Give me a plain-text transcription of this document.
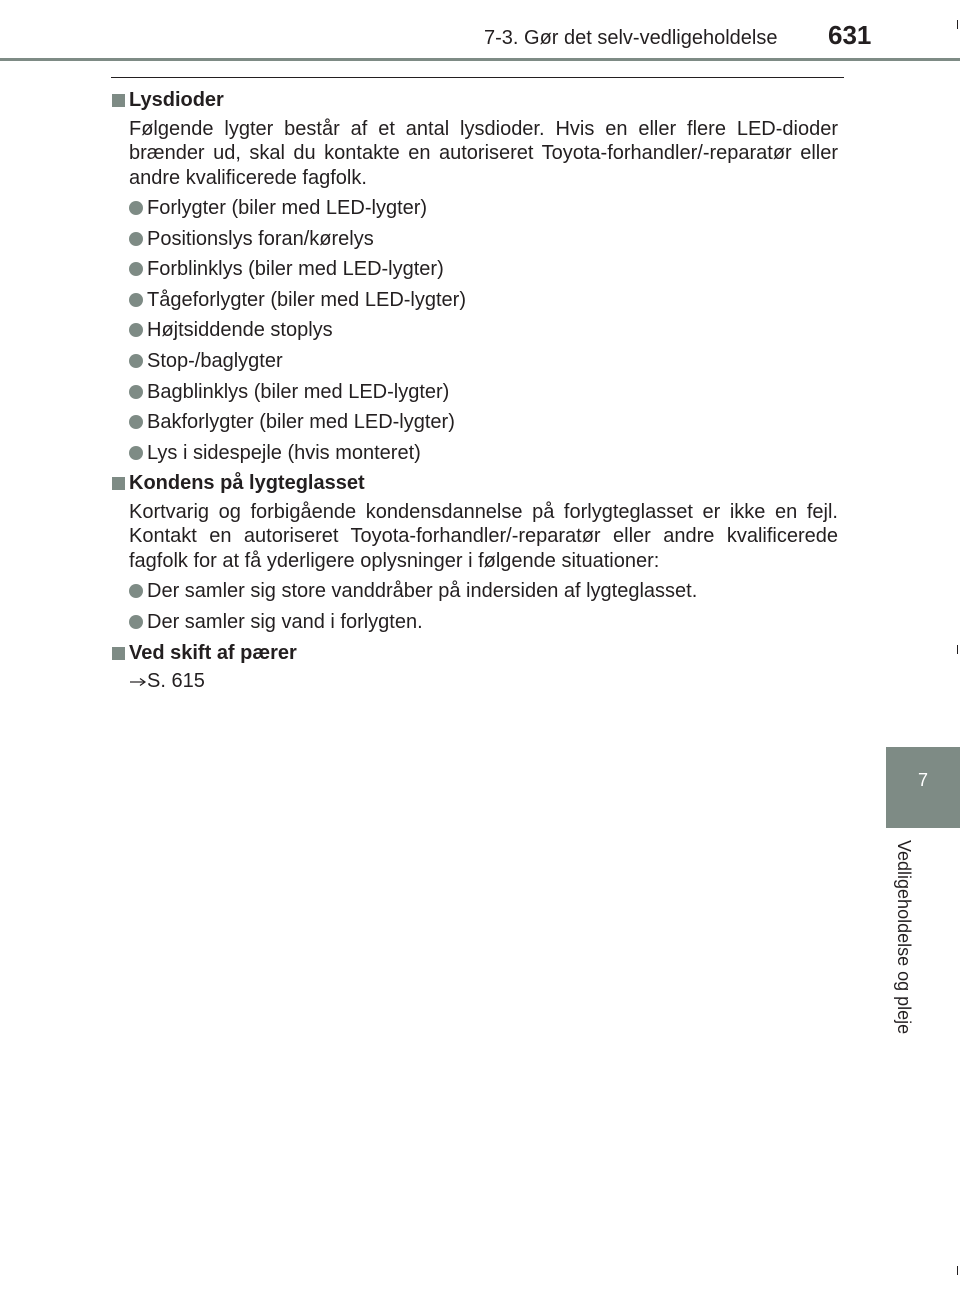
7-3. Gør det selv-vedligeholdelse 631
7
Vedligeholdelse og pleje
Lysdioder

Følgende lygter består af et antal lysdioder. Hvis en eller flere LED-dioder brænder ud, skal du kontakte en autoriseret Toyota-forhandler/-reparatør eller andre kvalificerede fagfolk.

Forlygter (biler med LED-lygter)
Positionslys foran/kørelys
Forblinklys (biler med LED-lygter)
Tågeforlygter (biler med LED-lygter)
Højtsiddende stoplys
Stop-/baglygter
Bagblinklys (biler med LED-lygter)
Bakforlygter (biler med LED-lygter)
Lys i sidespejle (hvis monteret)
Kondens på lygteglasset

Kortvarig og forbigående kondensdannelse på forlygteglasset er ikke en fejl. Kontakt en autoriseret Toyota-forhandler/-reparatør eller andre kvalificerede fagfolk for at få yderligere oplysninger i følgende situationer:

Der samler sig store vanddråber på indersiden af lygteglasset.
Der samler sig vand i forlygten.
Ved skift af pærer
S. 615
